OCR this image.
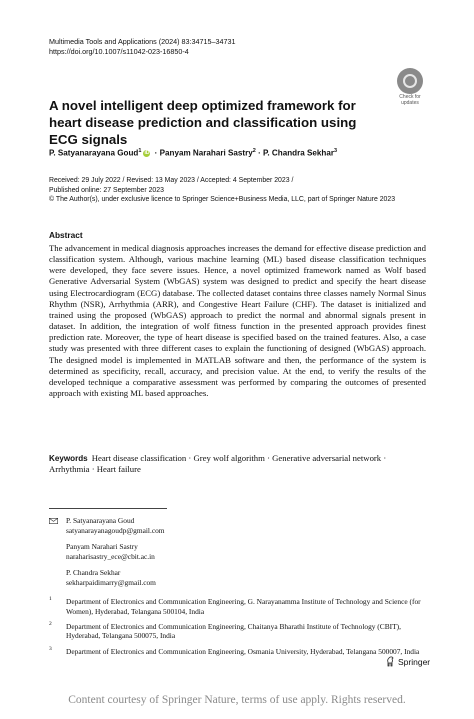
Multimedia Tools and Applications (2024) 83:34715–34731
https://doi.org/10.1007/s11042-023-16850-4
Check for
updates
A novel intelligent deep optimized framework for heart disease prediction and classification using ECG signals
P. Satyanarayana Goud$^1$ iD · Panyam Narahari Sastry$^2$ · P. Chandra Sekhar$^3$
Received: 29 July 2022 / Revised: 13 May 2023 / Accepted: 4 September 2023 /
Published online: 27 September 2023
© The Author(s), under exclusive licence to Springer Science+Business Media, LLC, part of Springer Nature 2023
Abstract
The advancement in medical diagnosis approaches increases the demand for effective disease prediction and classification system. Although, various machine learning (ML) based disease classification techniques were developed, they face severe issues. Hence, a novel optimized framework named as Wolf based Generative Adversarial System (WbGAS) system was designed to predict and specify the heart disease using Electrocardiogram (ECG) database. The collected dataset contains three classes namely Normal Sinus Rhythm (NSR), Arrhythmia (ARR), and Congestive Heart Failure (CHF). The dataset is initialized and trained using the proposed (WbGAS) approach to predict the normal and abnormal signals present in dataset. In addition, the integration of wolf fitness function in the presented approach provides finest prediction rate. Moreover, the type of heart disease is specified based on the trained features. Also, a case study was presented with three different cases to explain the functioning of designed (WbGAS) approach. The designed model is implemented in MATLAB software and then, the performance of the system is determined as specificity, recall, accuracy, and precision value. At the end, to verify the results of the developed technique a comparative assessment was performed by comparing the outcomes of presented approach with existing ML based approaches.
Keywords Heart disease classification · Grey wolf algorithm · Generative adversarial network · Arrhythmia · Heart failure
P. Satyanarayana Goud
satyanarayanagoudp@gmail.com
Panyam Narahari Sastry
naraharisastry_ece@cbit.ac.in
P. Chandra Sekhar
sekharpaidimarry@gmail.com
1 Department of Electronics and Communication Engineering, G. Narayanamma Institute of Technology and Science (for Women), Hyderabad, Telangana 500104, India
2 Department of Electronics and Communication Engineering, Chaitanya Bharathi Institute of Technology (CBIT), Hyderabad, Telangana 500075, India
3 Department of Electronics and Communication Engineering, Osmania University, Hyderabad, Telangana 500007, India
Springer
Content courtesy of Springer Nature, terms of use apply. Rights reserved.
